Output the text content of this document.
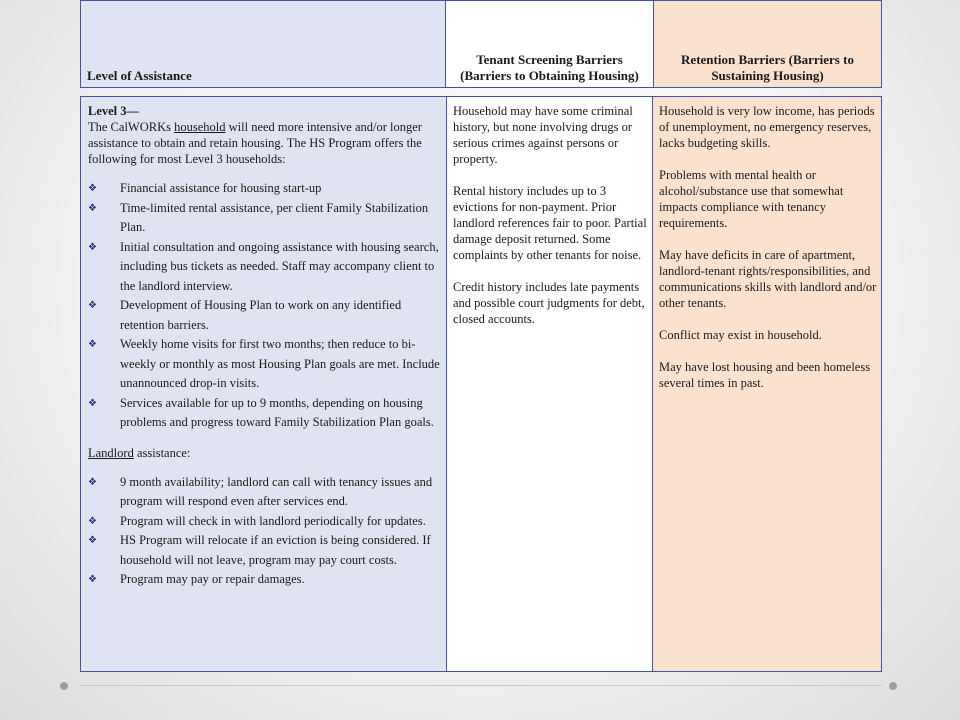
Level of Assistance
Tenant Screening Barriers (Barriers to Obtaining Housing)
Retention Barriers (Barriers to Sustaining Housing)

Level 3—

The CalWORKs household will need more intensive and/or longer assistance to obtain and retain housing. The HS Program offers the following for most Level 3 households:

❖ Financial assistance for housing start-up
❖ Time-limited rental assistance, per client Family Stabilization Plan.
❖ Initial consultation and ongoing assistance with housing search, including bus tickets as needed. Staff may accompany client to the landlord interview.
❖ Development of Housing Plan to work on any identified retention barriers.
❖ Weekly home visits for first two months; then reduce to bi-weekly or monthly as most Housing Plan goals are met. Include unannounced drop-in visits.
❖ Services available for up to 9 months, depending on housing problems and progress toward Family Stabilization Plan goals.

Landlord assistance:

❖ 9 month availability; landlord can call with tenancy issues and program will respond even after services end.
❖ Program will check in with landlord periodically for updates.
❖ HS Program will relocate if an eviction is being considered. If household will not leave, program may pay court costs.
❖ Program may pay or repair damages.

Household may have some criminal history, but none involving drugs or serious crimes against persons or property.

Rental history includes up to 3 evictions for non-payment. Prior landlord references fair to poor. Partial damage deposit returned. Some complaints by other tenants for noise.

Credit history includes late payments and possible court judgments for debt, closed accounts.

Household is very low income, has periods of unemployment, no emergency reserves, lacks budgeting skills.

Problems with mental health or alcohol/substance use that somewhat impacts compliance with tenancy requirements.

May have deficits in care of apartment, landlord-tenant rights/responsibilities, and communications skills with landlord and/or other tenants.

Conflict may exist in household.

May have lost housing and been homeless several times in past.
